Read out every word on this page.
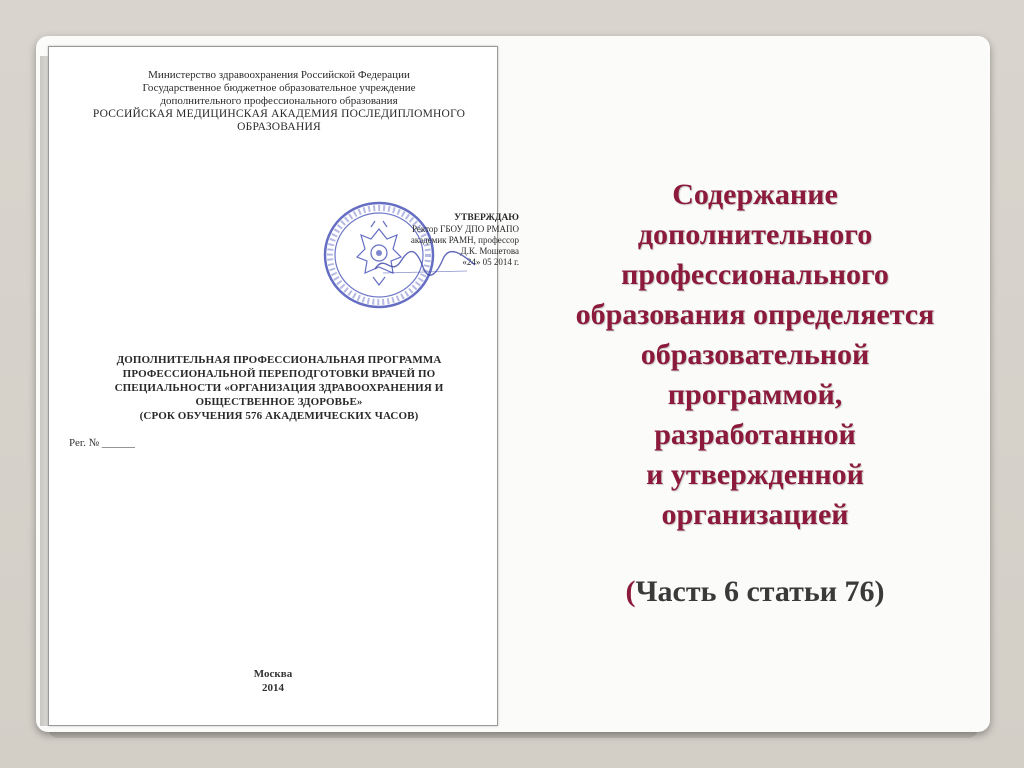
Министерство здравоохранения Российской Федерации
Государственное бюджетное образовательное учреждение
дополнительного профессионального образования
РОССИЙСКАЯ МЕДИЦИНСКАЯ АКАДЕМИЯ ПОСЛЕДИПЛОМНОГО
ОБРАЗОВАНИЯ
УТВЕРЖДАЮ
Ректор ГБОУ ДПО РМАПО
академик РАМН, профессор
Д.К. Мошетова
«24» 05 2014 г.
ДОПОЛНИТЕЛЬНАЯ ПРОФЕССИОНАЛЬНАЯ ПРОГРАММА
ПРОФЕССИОНАЛЬНОЙ ПЕРЕПОДГОТОВКИ ВРАЧЕЙ ПО
СПЕЦИАЛЬНОСТИ «ОРГАНИЗАЦИЯ ЗДРАВООХРАНЕНИЯ И
ОБЩЕСТВЕННОЕ ЗДОРОВЬЕ»
(СРОК ОБУЧЕНИЯ 576 АКАДЕМИЧЕСКИХ ЧАСОВ)
Рег. № ______
Москва
2014
Содержание
дополнительного
профессионального
образования определяется
образовательной
программой,
разработанной
и утвержденной
организацией
(Часть 6 статьи 76)
